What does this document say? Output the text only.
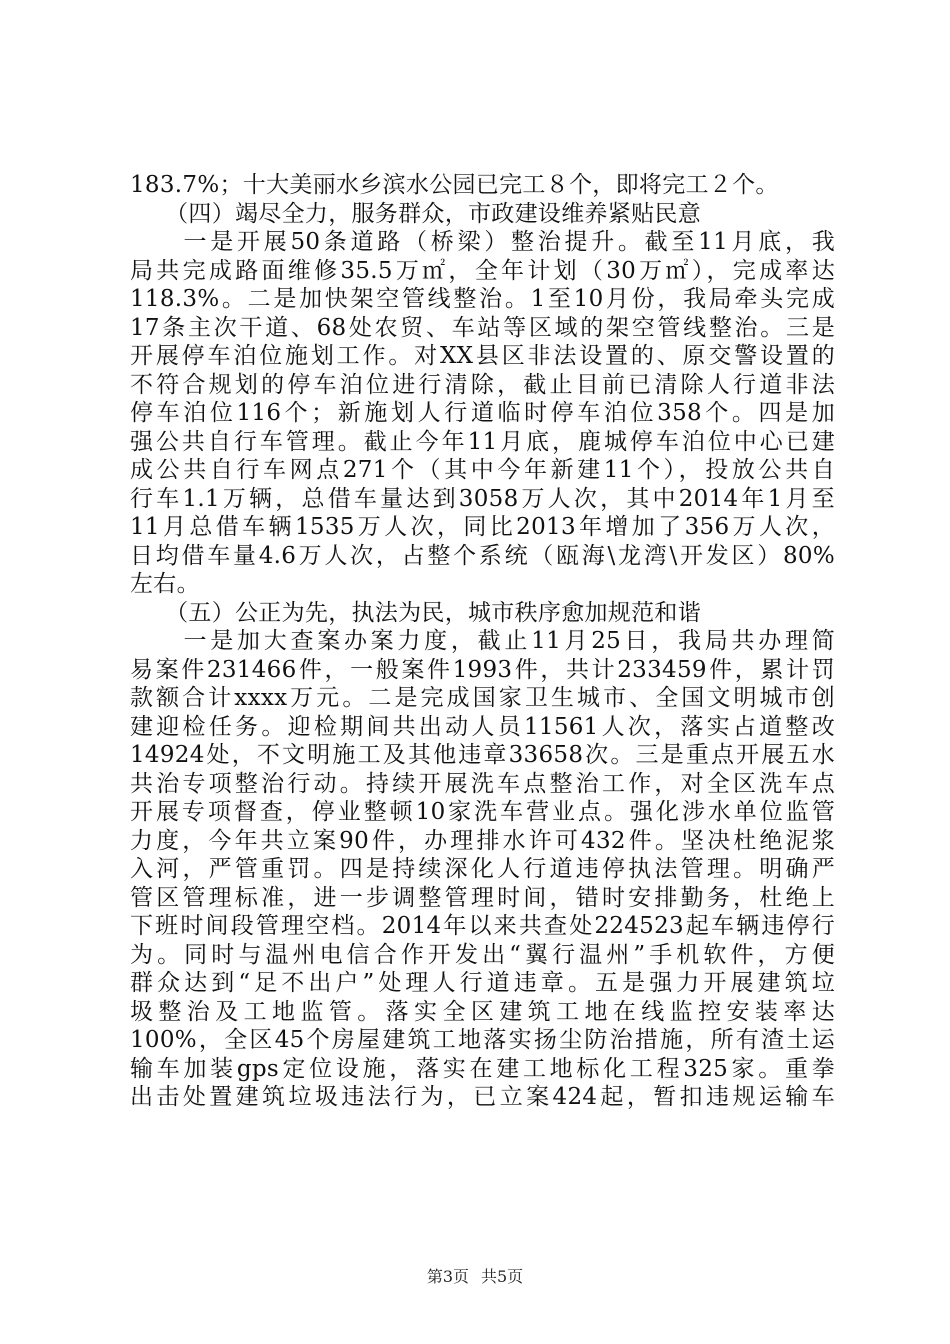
183.7%；十大美丽水乡滨水公园已完工８个，即将完工２个。
　　（四）竭尽全力，服务群众，市政建设维养紧贴民意
　　一是开展50条道路（桥梁）整治提升。截至11月底，我
局共完成路面维修35.5万㎡，全年计划（30万㎡），完成率达
118.3%。二是加快架空管线整治。1至10月份，我局牵头完成
17条主次干道、68处农贸、车站等区域的架空管线整治。三是
开展停车泊位施划工作。对XX县区非法设置的、原交警设置的
不符合规划的停车泊位进行清除，截止目前已清除人行道非法
停车泊位116个；新施划人行道临时停车泊位358个。四是加
强公共自行车管理。截止今年11月底，鹿城停车泊位中心已建
成公共自行车网点271个（其中今年新建11个），投放公共自
行车1.1万辆，总借车量达到3058万人次，其中2014年1月至
11月总借车辆1535万人次，同比2013年增加了356万人次，
日均借车量4.6万人次，占整个系统（瓯海\龙湾\开发区）80%
左右。
　　（五）公正为先，执法为民，城市秩序愈加规范和谐
　　一是加大查案办案力度，截止11月25日，我局共办理简
易案件231466件，一般案件1993件，共计233459件，累计罚
款额合计xxxx万元。二是完成国家卫生城市、全国文明城市创
建迎检任务。迎检期间共出动人员11561人次，落实占道整改
14924处，不文明施工及其他违章33658次。三是重点开展五水
共治专项整治行动。持续开展洗车点整治工作，对全区洗车点
开展专项督查，停业整顿10家洗车营业点。强化涉水单位监管
力度，今年共立案90件，办理排水许可432件。坚决杜绝泥浆
入河，严管重罚。四是持续深化人行道违停执法管理。明确严
管区管理标准，进一步调整管理时间，错时安排勤务，杜绝上
下班时间段管理空档。2014年以来共查处224523起车辆违停行
为。同时与温州电信合作开发出“翼行温州”手机软件，方便
群众达到“足不出户”处理人行道违章。五是强力开展建筑垃
圾整治及工地监管。落实全区建筑工地在线监控安装率达
100%，全区45个房屋建筑工地落实扬尘防治措施，所有渣土运
输车加装gps定位设施，落实在建工地标化工程325家。重拳
出击处置建筑垃圾违法行为，已立案424起，暂扣违规运输车
第3页 共5页
